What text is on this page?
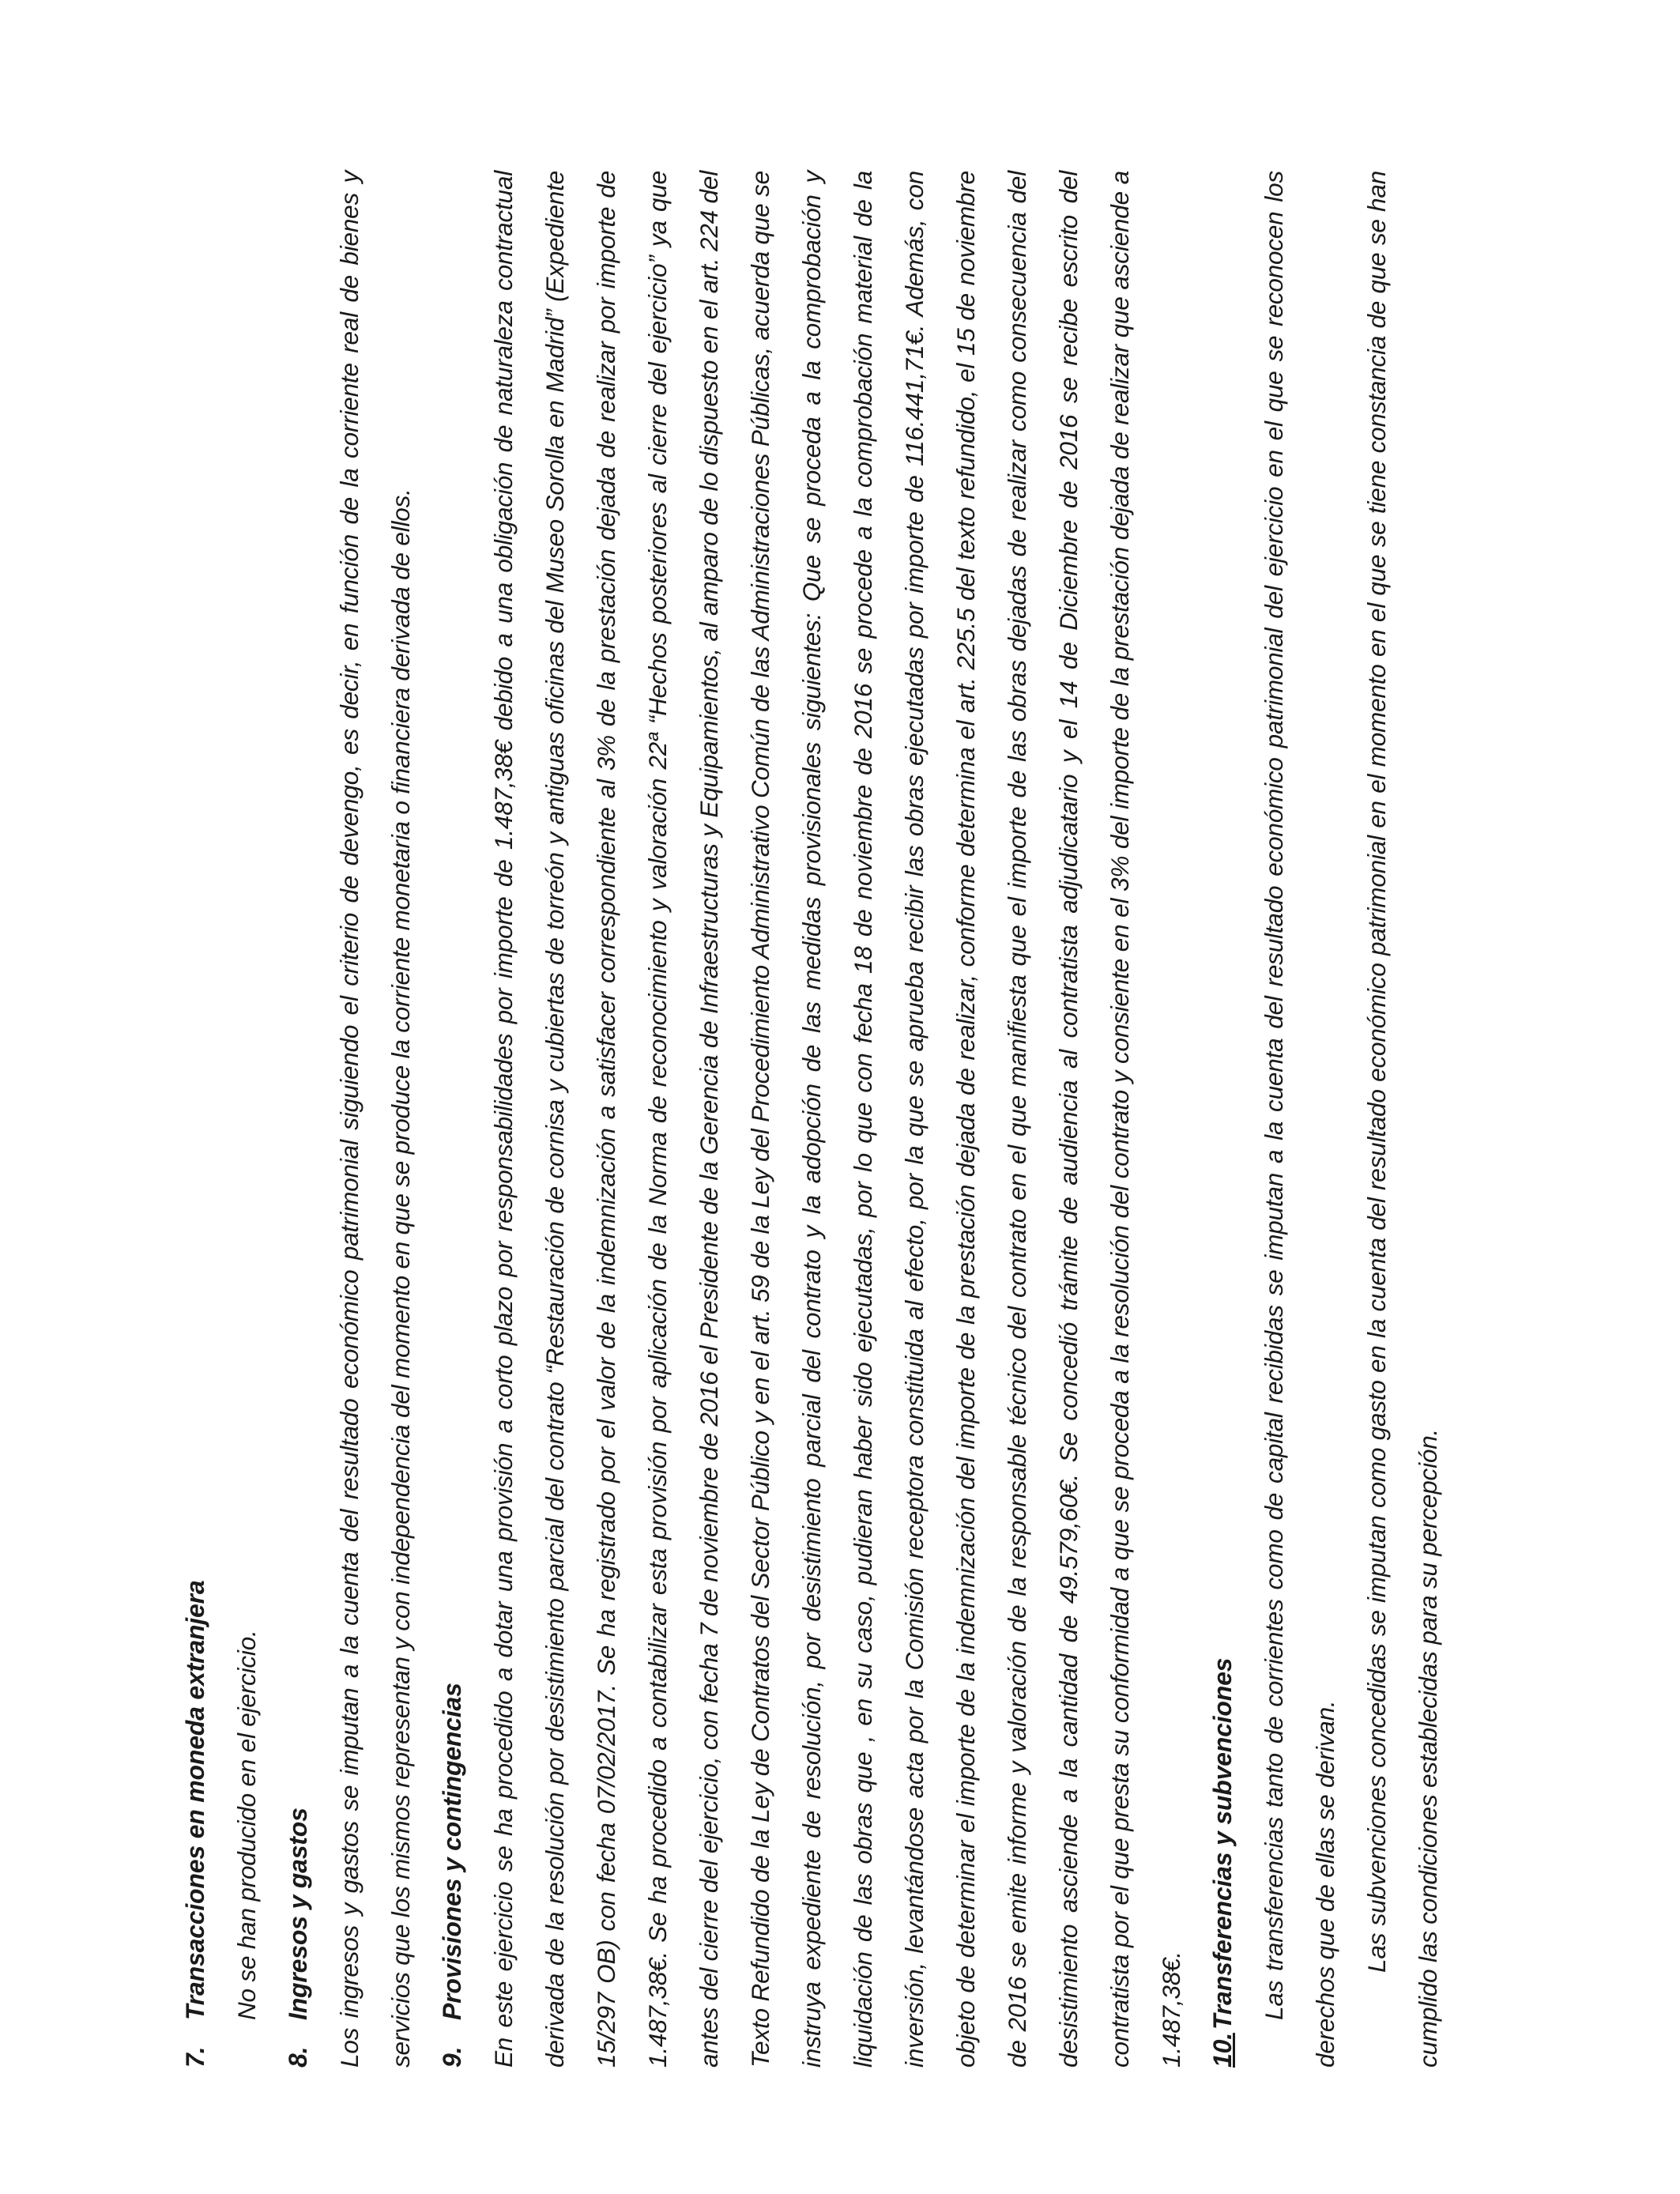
7.
Transacciones en moneda extranjera No se han producido en el ejercicio.

8.
Ingresos y gastos Los ingresos y gastos se imputan a la cuenta del resultado económico patrimonial siguiendo el criterio de devengo, es decir, en función de la corriente real de bienes y servicios que los mismos representan y con independencia del momento en que se produce la corriente monetaria o financiera derivada de ellos. 9.
Provisiones y contingencias En este ejercicio se ha procedido a dotar una provisión a corto plazo por responsabilidades por importe de 1.487,38€ debido a una obligación de naturaleza contractual derivada de la resolución por desistimiento parcial del contrato “Restauración de cornisa y cubiertas de torreón y antiguas oficinas del Museo Sorolla en Madrid” (Expediente 15/297 OB) con fecha 07/02/2017. Se ha registrado por el valor de la indemnización a satisfacer correspondiente al 3% de la prestación dejada de realizar por importe de 1.487,38€. Se ha procedido a contabilizar esta provisión por aplicación de la Norma de reconocimiento y valoración 22ª “Hechos posteriores al cierre del ejercicio” ya que antes del cierre del ejercicio, con fecha 7 de noviembre de 2016 el Presidente de la Gerencia de Infraestructuras y Equipamientos, al amparo de lo dispuesto en el art. 224 del Texto Refundido de la Ley de Contratos del Sector Público y en el art. 59 de la Ley del Procedimiento Administrativo Común de las Administraciones Públicas, acuerda que se instruya expediente de resolución, por desistimiento parcial del contrato y la adopción de las medidas provisionales siguientes: Que se proceda a la comprobación y liquidación de las obras que , en su caso, pudieran haber sido ejecutadas, por lo que con fecha 18 de noviembre de 2016 se procede a la comprobación material de la inversión, levantándose acta por la Comisión receptora constituida al efecto, por la que se aprueba recibir las obras ejecutadas por importe de 116.441,71€. Además, con objeto de determinar el importe de la indemnización del importe de la prestación dejada de realizar, conforme determina el art. 225.5 del texto refundido, el 15 de noviembre de 2016 se emite informe y valoración de la responsable técnico del contrato en el que manifiesta que el importe de las obras dejadas de realizar como consecuencia del desistimiento asciende a la cantidad de 49.579,60€. Se concedió trámite de audiencia al contratista adjudicatario y el 14 de Diciembre de 2016 se recibe escrito del contratista por el que presta su conformidad a que se proceda a la resolución del contrato y consiente en el 3% del importe de la prestación dejada de realizar que asciende a 1.487,38€. 10.
Transferencias y subvenciones Las transferencias tanto de corrientes como de capital recibidas se imputan a la cuenta del resultado económico patrimonial del ejercicio en el que se reconocen los derechos que de ellas se derivan. Las subvenciones concedidas se imputan como gasto en la cuenta del resultado económico patrimonial en el momento en el que se tiene constancia de que se han cumplido las condiciones establecidas para su percepción.
